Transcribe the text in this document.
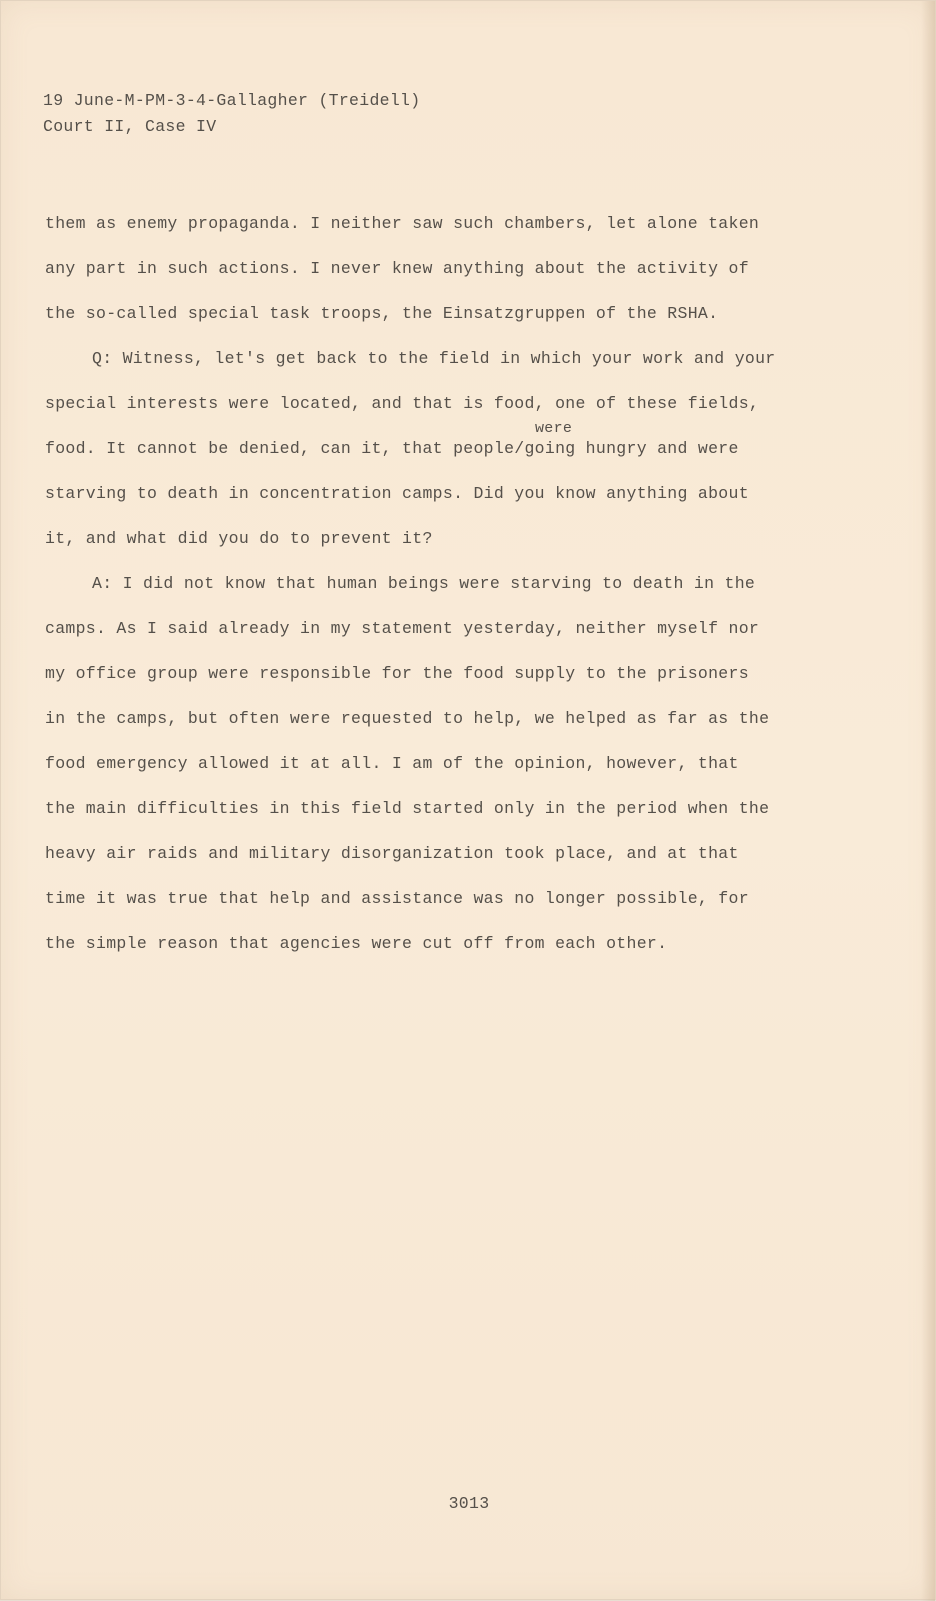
19 June-M-PM-3-4-Gallagher (Treidell)
Court II, Case IV
them as enemy propaganda. I neither saw such chambers, let alone taken
any part in such actions. I never knew anything about the activity of
the so-called special task troops, the Einsatzgruppen of the RSHA.
Q: Witness, let's get back to the field in which your work and your
special interests were located, and that is food, one of these fields,
were
food. It cannot be denied, can it, that people/going hungry and were
starving to death in concentration camps. Did you know anything about
it, and what did you do to prevent it?
A: I did not know that human beings were starving to death in the
camps. As I said already in my statement yesterday, neither myself nor
my office group were responsible for the food supply to the prisoners
in the camps, but often were requested to help, we helped as far as the
food emergency allowed it at all. I am of the opinion, however, that
the main difficulties in this field started only in the period when the
heavy air raids and military disorganization took place, and at that
time it was true that help and assistance was no longer possible, for
the simple reason that agencies were cut off from each other.
3013
